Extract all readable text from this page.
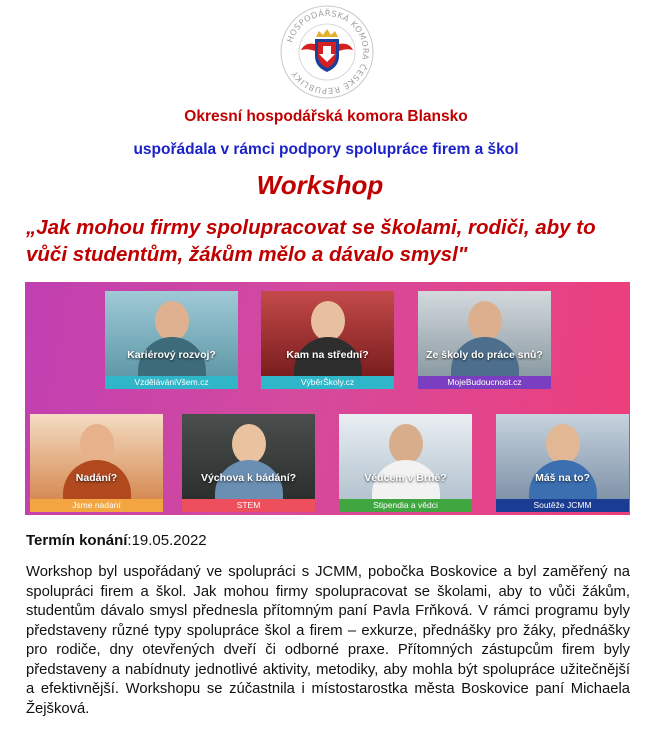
HOSPODÁŘSKÁ KOMORA ČESKÉ REPUBLIKY
Okresní hospodářská komora Blansko
uspořádala v rámci podpory spolupráce firem a škol
Workshop
„Jak mohou firmy spolupracovat se školami, rodiči, aby to vůči studentům, žákům mělo a dávalo smysl"
Kariérový rozvoj?
VzdělávániVšem.cz
Kam na střední?
VýběrŠkoly.cz
Ze školy do práce snů?
MojeBudoucnost.cz
Nadání?
Jsme nadaní
Výchova k bádání?
STEM
Vědcem v Brně?
Stipendia a vědci
Máš na to?
Soutěže JCMM
Termín konání:19.05.2022
Workshop byl uspořádaný ve spolupráci s JCMM, pobočka Boskovice a byl zaměřený na spolupráci firem a škol. Jak mohou firmy spolupracovat se školami, aby to vůči žákům, studentům dávalo smysl přednesla přítomným paní Pavla Frňková. V rámci programu byly představeny různé typy spolupráce škol a firem – exkurze, přednášky pro žáky, přednášky pro rodiče, dny otevřených dveří či odborné praxe. Přítomných zástupcům firem byly představeny a nabídnuty jednotlivé aktivity, metodiky, aby mohla být spolupráce užitečnější a efektivnější. Workshopu se zúčastnila i místostarostka města Boskovice paní Michaela Žejšková.
